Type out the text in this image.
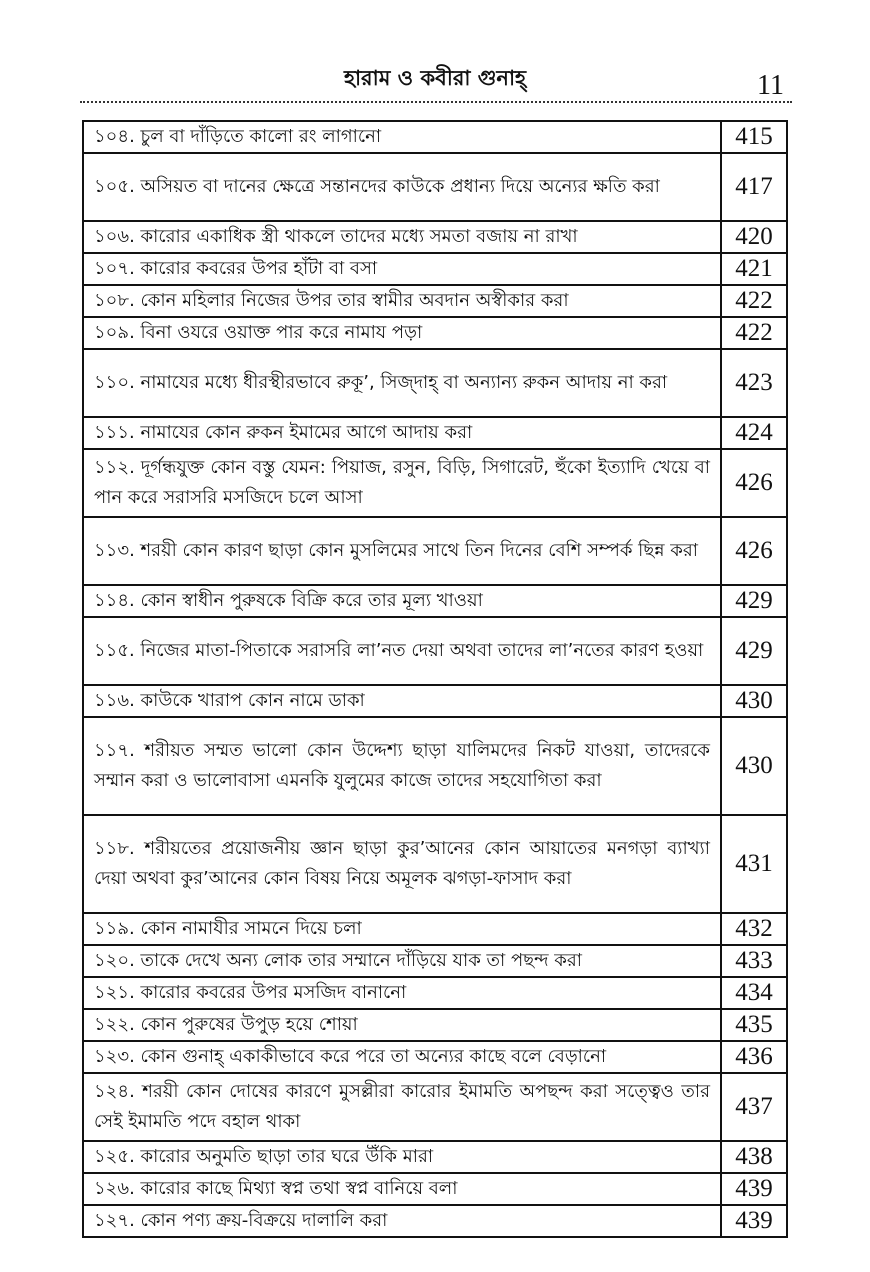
হারাম ও কবীরা গুনাহ্	11
১০৪. চুল বা দাঁড়িতে কালো রং লাগানো	415
১০৫. অসিয়ত বা দানের ক্ষেত্রে সন্তানদের কাউকে প্রধান্য দিয়ে অন্যের ক্ষতি করা	417
১০৬. কারোর একাধিক স্ত্রী থাকলে তাদের মধ্যে সমতা বজায় না রাখা	420
১০৭. কারোর কবরের উপর হাঁটা বা বসা	421
১০৮. কোন মহিলার নিজের উপর তার স্বামীর অবদান অস্বীকার করা	422
১০৯. বিনা ওযরে ওয়াক্ত পার করে নামায পড়া	422
১১০. নামাযের মধ্যে ধীরস্থীরভাবে রুকূ’, সিজ্‌দাহ্ বা অন্যান্য রুকন আদায় না করা	423
১১১. নামাযের কোন রুকন ইমামের আগে আদায় করা	424
১১২. দূর্গন্ধযুক্ত কোন বস্তু যেমন: পিয়াজ, রসুন, বিড়ি, সিগারেট, হুঁকো ইত্যাদি খেয়ে বা পান করে সরাসরি মসজিদে চলে আসা	426
১১৩. শরয়ী কোন কারণ ছাড়া কোন মুসলিমের সাথে তিন দিনের বেশি সম্পর্ক ছিন্ন করা	426
১১৪. কোন স্বাধীন পুরুষকে বিক্রি করে তার মূল্য খাওয়া	429
১১৫. নিজের মাতা-পিতাকে সরাসরি লা’নত দেয়া অথবা তাদের লা’নতের কারণ হওয়া	429
১১৬. কাউকে খারাপ কোন নামে ডাকা	430
১১৭. শরীয়ত সম্মত ভালো কোন উদ্দেশ্য ছাড়া যালিমদের নিকট যাওয়া, তাদেরকে সম্মান করা ও ভালোবাসা এমনকি যুলুমের কাজে তাদের সহযোগিতা করা	430
১১৮. শরীয়তের প্রয়োজনীয় জ্ঞান ছাড়া কুর’আনের কোন আয়াতের মনগড়া ব্যাখ্যা দেয়া অথবা কুর’আনের কোন বিষয় নিয়ে অমূলক ঝগড়া-ফাসাদ করা	431
১১৯. কোন নামাযীর সামনে দিয়ে চলা	432
১২০. তাকে দেখে অন্য লোক তার সম্মানে দাঁড়িয়ে যাক তা পছন্দ করা	433
১২১. কারোর কবরের উপর মসজিদ বানানো	434
১২২. কোন পুরুষের উপুড় হয়ে শোয়া	435
১২৩. কোন গুনাহ্ একাকীভাবে করে পরে তা অন্যের কাছে বলে বেড়ানো	436
১২৪. শরয়ী কোন দোষের কারণে মুসল্লীরা কারোর ইমামতি অপছন্দ করা সত্ত্বেও তার সেই ইমামতি পদে বহাল থাকা	437
১২৫. কারোর অনুমতি ছাড়া তার ঘরে উঁকি মারা	438
১২৬. কারোর কাছে মিথ্যা স্বপ্ন তথা স্বপ্ন বানিয়ে বলা	439
১২৭. কোন পণ্য ক্রয়-বিক্রয়ে দালালি করা	439
